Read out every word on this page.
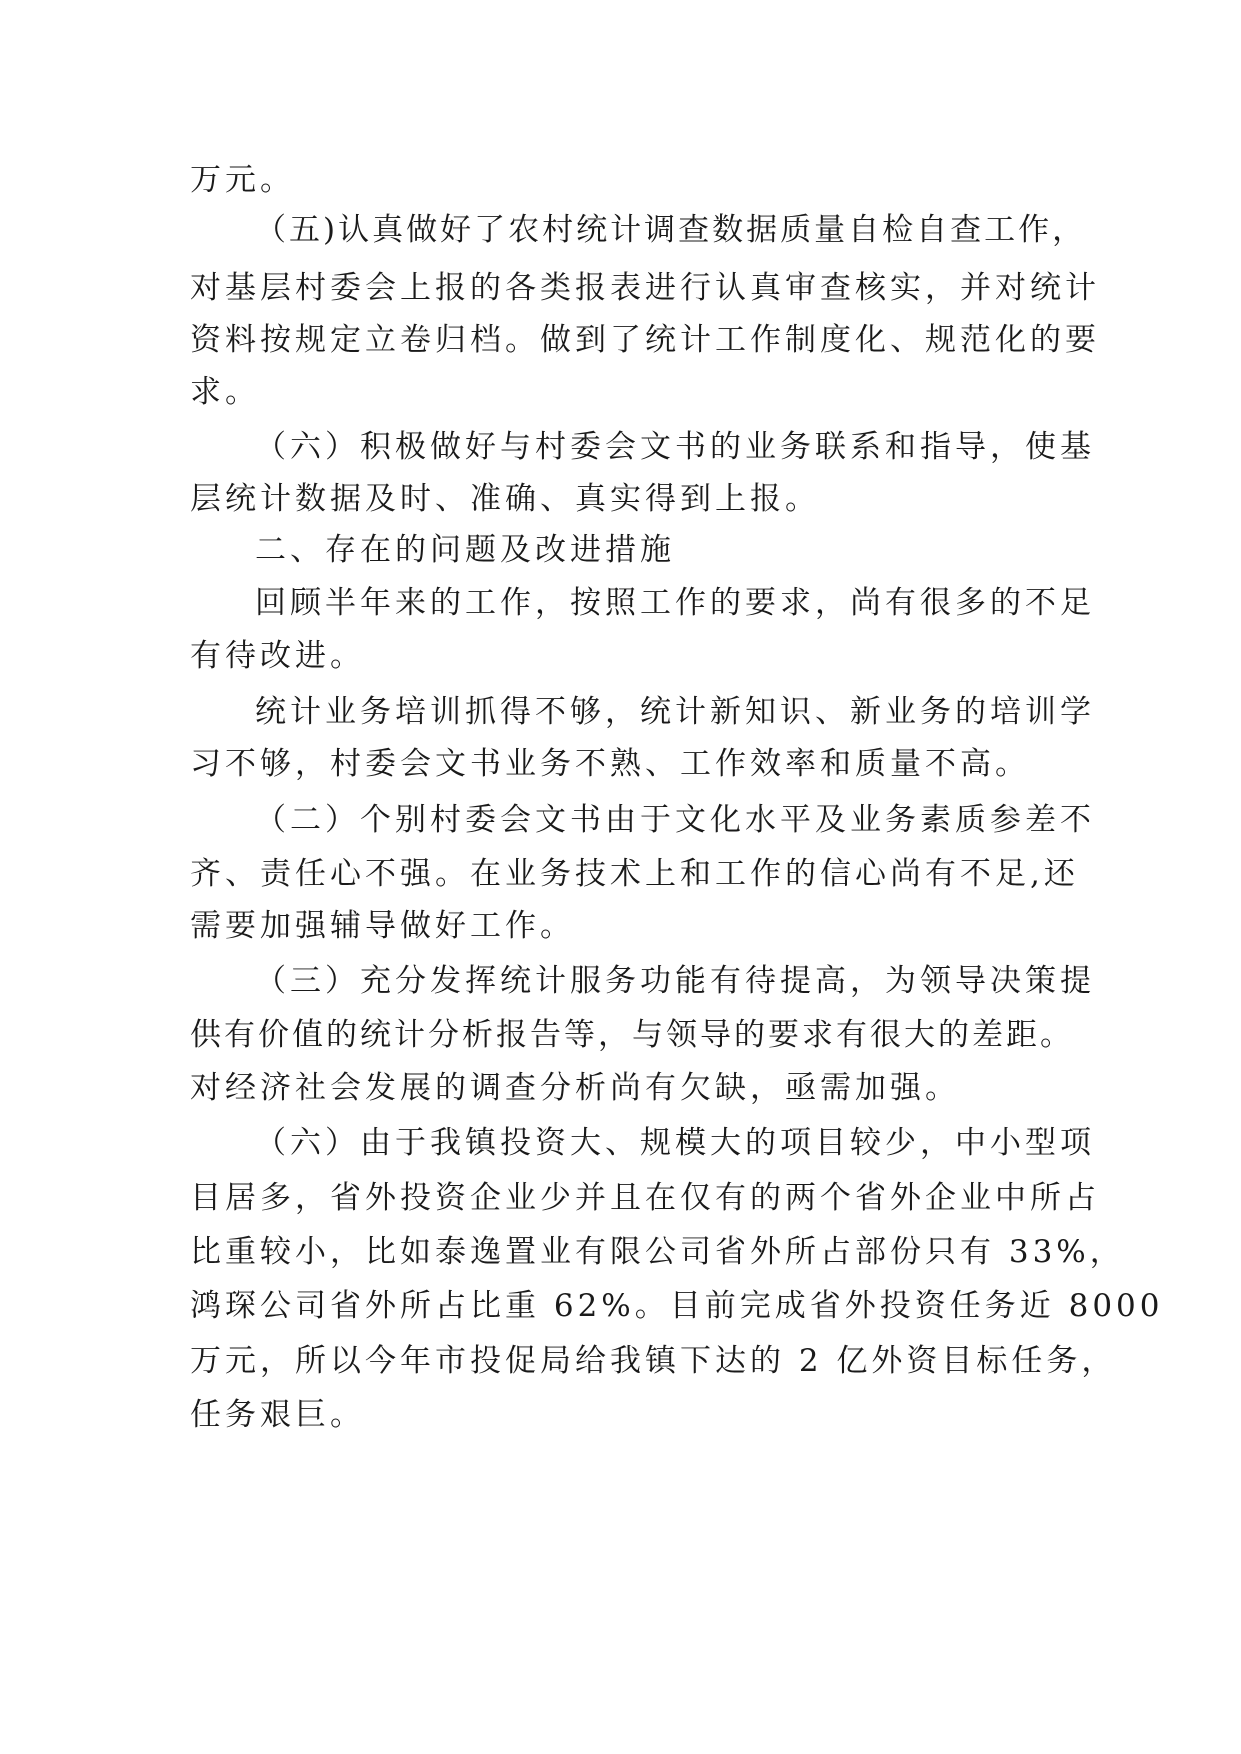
万元。
（五)认真做好了农村统计调查数据质量自检自查工作，
对基层村委会上报的各类报表进行认真审查核实，并对统计
资料按规定立卷归档。做到了统计工作制度化、规范化的要
求。
（六）积极做好与村委会文书的业务联系和指导，使基
层统计数据及时、准确、真实得到上报。
二、存在的问题及改进措施
回顾半年来的工作，按照工作的要求，尚有很多的不足
有待改进。
统计业务培训抓得不够，统计新知识、新业务的培训学
习不够，村委会文书业务不熟、工作效率和质量不高。
（二）个别村委会文书由于文化水平及业务素质参差不
齐、责任心不强。在业务技术上和工作的信心尚有不足,还
需要加强辅导做好工作。
（三）充分发挥统计服务功能有待提高，为领导决策提
供有价值的统计分析报告等，与领导的要求有很大的差距。
对经济社会发展的调查分析尚有欠缺，亟需加强。
（六）由于我镇投资大、规模大的项目较少，中小型项
目居多，省外投资企业少并且在仅有的两个省外企业中所占
比重较小，比如泰逸置业有限公司省外所占部份只有 33%，
鸿琛公司省外所占比重 62%。目前完成省外投资任务近 8000
万元，所以今年市投促局给我镇下达的 2 亿外资目标任务，
任务艰巨。
